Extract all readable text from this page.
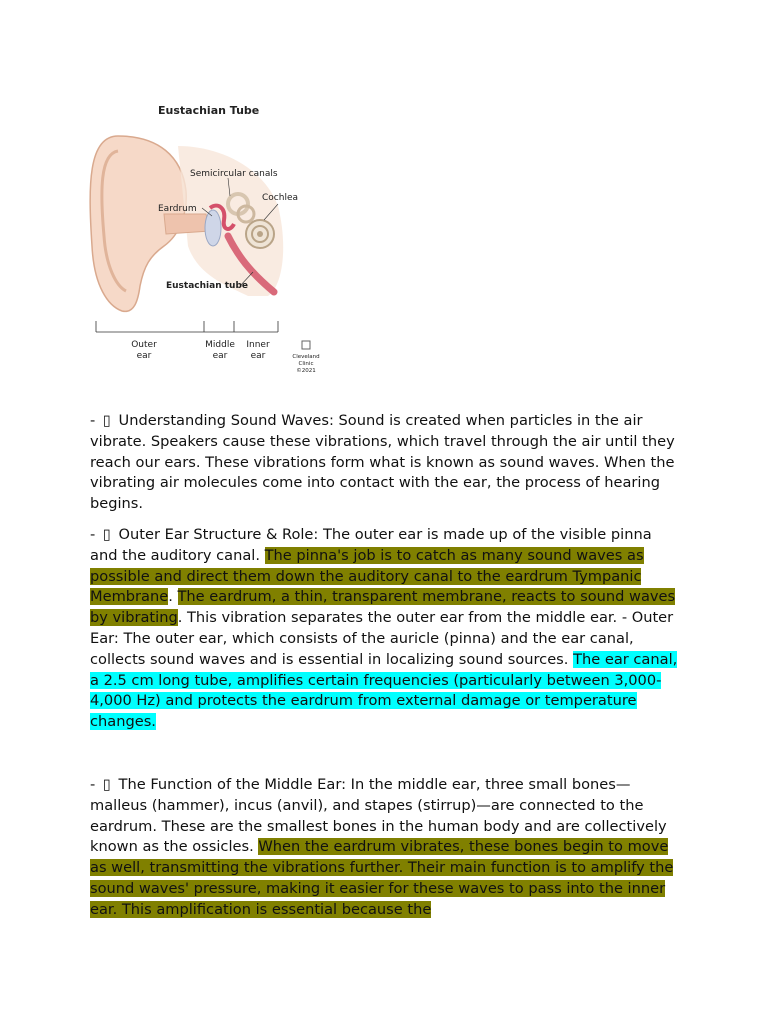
Eustachian Tube
Semicircular canals
Cochlea
Eardrum
Eustachian tube
Outer
ear
Middle
ear
Inner
ear	Cleveland
Clinic
©2021

- ▯ Understanding Sound Waves: Sound is created when particles in the air vibrate. Speakers cause these vibrations, which travel through the air until they reach our ears. These vibrations form what is known as sound waves. When the vibrating air molecules come into contact with the ear, the process of hearing begins.

- ▯ Outer Ear Structure & Role: The outer ear is made up of the visible pinna and the auditory canal. The pinna's job is to catch as many sound waves as possible and direct them down the auditory canal to the eardrum Tympanic Membrane. The eardrum, a thin, transparent membrane, reacts to sound waves by vibrating. This vibration separates the outer ear from the middle ear. - Outer Ear: The outer ear, which consists of the auricle (pinna) and the ear canal, collects sound waves and is essential in localizing sound sources. The ear canal, a 2.5 cm long tube, amplifies certain frequencies (particularly between 3,000-4,000 Hz) and protects the eardrum from external damage or temperature changes.

- ▯ The Function of the Middle Ear: In the middle ear, three small bones—malleus (hammer), incus (anvil), and stapes (stirrup)—are connected to the eardrum. These are the smallest bones in the human body and are collectively known as the ossicles. When the eardrum vibrates, these bones begin to move as well, transmitting the vibrations further. Their main function is to amplify the sound waves' pressure, making it easier for these waves to pass into the inner ear. This amplification is essential because the
